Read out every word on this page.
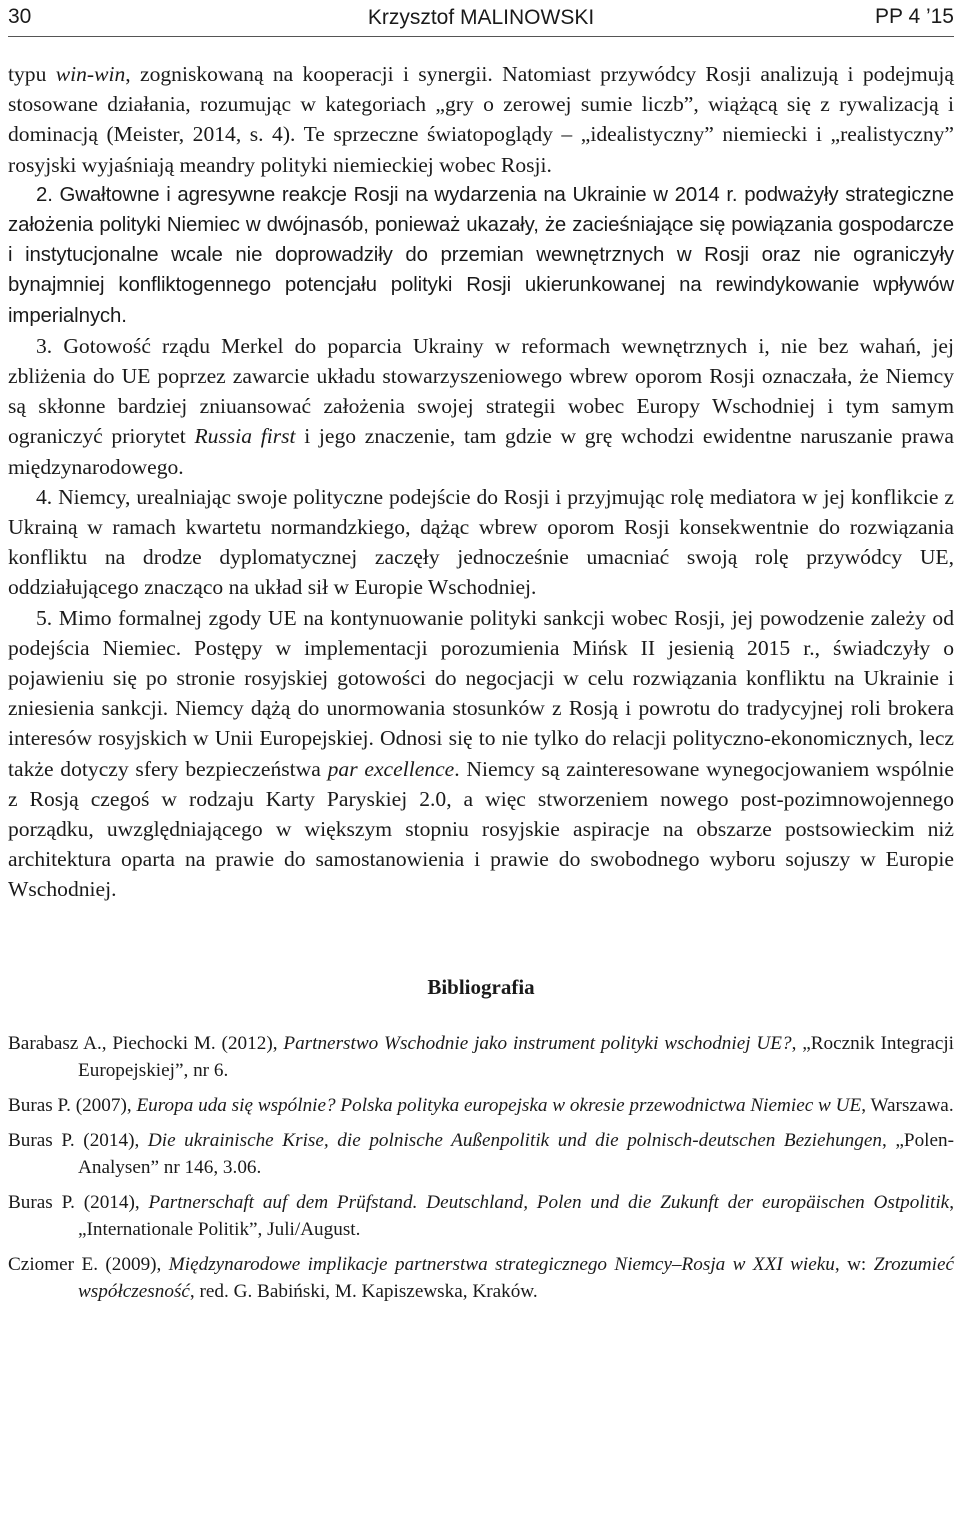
30	Krzysztof MALINOWSKI	PP 4 ’15

typu win-win, zogniskowaną na kooperacji i synergii. Natomiast przywódcy Rosji analizują i podejmują stosowane działania, rozumując w kategoriach „gry o zerowej sumie liczb”, wiążącą się z rywalizacją i dominacją (Meister, 2014, s. 4). Te sprzeczne światopoglądy – „idealistyczny” niemiecki i „realistyczny” rosyjski wyjaśniają meandry polityki niemieckiej wobec Rosji.

2. Gwałtowne i agresywne reakcje Rosji na wydarzenia na Ukrainie w 2014 r. podważyły strategiczne założenia polityki Niemiec w dwójnasób, ponieważ ukazały, że zacieśniające się powiązania gospodarcze i instytucjonalne wcale nie doprowadziły do przemian wewnętrznych w Rosji oraz nie ograniczyły bynajmniej konfliktogennego potencjału polityki Rosji ukierunkowanej na rewindykowanie wpływów imperialnych.

3. Gotowość rządu Merkel do poparcia Ukrainy w reformach wewnętrznych i, nie bez wahań, jej zbliżenia do UE poprzez zawarcie układu stowarzyszeniowego wbrew oporom Rosji oznaczała, że Niemcy są skłonne bardziej zniuansować założenia swojej strategii wobec Europy Wschodniej i tym samym ograniczyć priorytet Russia first i jego znaczenie, tam gdzie w grę wchodzi ewidentne naruszanie prawa międzynarodowego.

4. Niemcy, urealniając swoje polityczne podejście do Rosji i przyjmując rolę mediatora w jej konflikcie z Ukrainą w ramach kwartetu normandzkiego, dążąc wbrew oporom Rosji konsekwentnie do rozwiązania konfliktu na drodze dyplomatycznej zaczęły jednocześnie umacniać swoją rolę przywódcy UE, oddziałującego znacząco na układ sił w Europie Wschodniej.

5. Mimo formalnej zgody UE na kontynuowanie polityki sankcji wobec Rosji, jej powodzenie zależy od podejścia Niemiec. Postępy w implementacji porozumienia Mińsk II jesienią 2015 r., świadczyły o pojawieniu się po stronie rosyjskiej gotowości do negocjacji w celu rozwiązania konfliktu na Ukrainie i zniesienia sankcji. Niemcy dążą do unormowania stosunków z Rosją i powrotu do tradycyjnej roli brokera interesów rosyjskich w Unii Europejskiej. Odnosi się to nie tylko do relacji polityczno-ekonomicznych, lecz także dotyczy sfery bezpieczeństwa par excellence. Niemcy są zainteresowane wynegocjowaniem wspólnie z Rosją czegoś w rodzaju Karty Paryskiej 2.0, a więc stworzeniem nowego post-pozimnowojennego porządku, uwzględniającego w większym stopniu rosyjskie aspiracje na obszarze postsowieckim niż architektura oparta na prawie do samostanowienia i prawie do swobodnego wyboru sojuszy w Europie Wschodniej.

Bibliografia
Barabasz A., Piechocki M. (2012), Partnerstwo Wschodnie jako instrument polityki wschodniej UE?, „Rocznik Integracji Europejskiej”, nr 6.
Buras P. (2007), Europa uda się wspólnie? Polska polityka europejska w okresie przewodnictwa Niemiec w UE, Warszawa.
Buras P. (2014), Die ukrainische Krise, die polnische Außenpolitik und die polnisch-deutschen Beziehungen, „Polen-Analysen” nr 146, 3.06.
Buras P. (2014), Partnerschaft auf dem Prüfstand. Deutschland, Polen und die Zukunft der europäischen Ostpolitik, „Internationale Politik”, Juli/August.
Cziomer E. (2009), Międzynarodowe implikacje partnerstwa strategicznego Niemcy–Rosja w XXI wieku, w: Zrozumieć współczesność, red. G. Babiński, M. Kapiszewska, Kraków.
